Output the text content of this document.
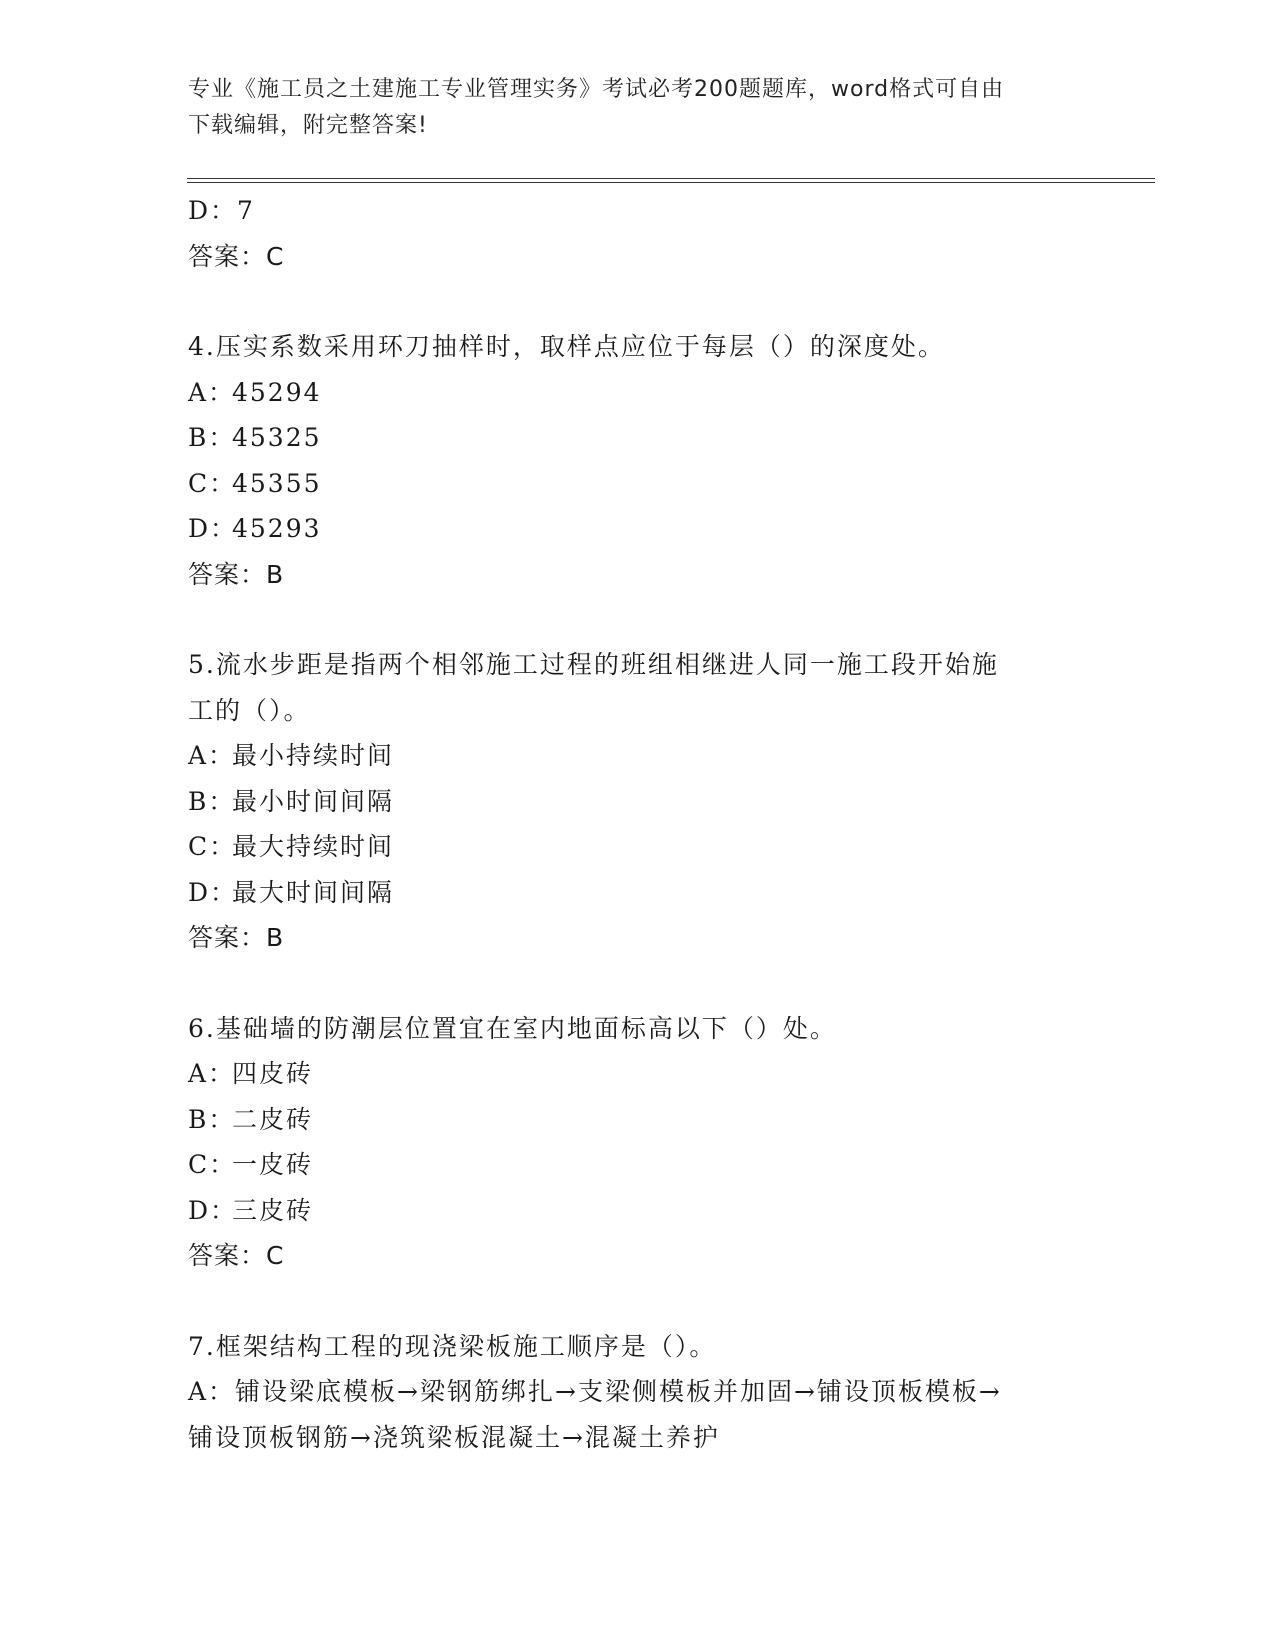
专业《施工员之土建施工专业管理实务》考试必考200题题库，word格式可自由
下载编辑，附完整答案!
D：7
答案：C
4.压实系数采用环刀抽样时，取样点应位于每层（）的深度处。
A：45294
B：45325
C：45355
D：45293
答案：B
5.流水步距是指两个相邻施工过程的班组相继进人同一施工段开始施
工的（）。
A：最小持续时间
B：最小时间间隔
C：最大持续时间
D：最大时间间隔
答案：B
6.基础墙的防潮层位置宜在室内地面标高以下（）处。
A：四皮砖
B：二皮砖
C：一皮砖
D：三皮砖
答案：C
7.框架结构工程的现浇梁板施工顺序是（）。
A：铺设梁底模板→梁钢筋绑扎→支梁侧模板并加固→铺设顶板模板→
铺设顶板钢筋→浇筑梁板混凝土→混凝土养护
